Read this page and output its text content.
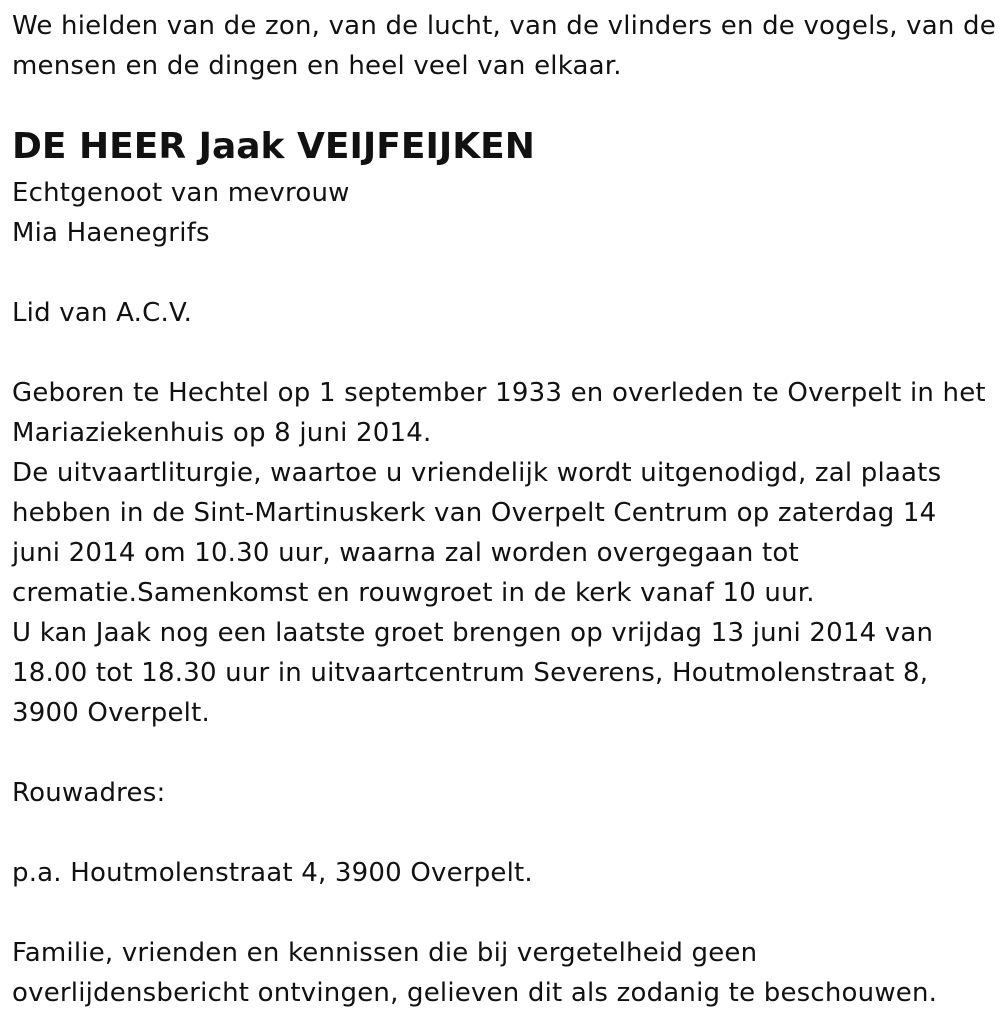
We hielden van de zon, van de lucht, van de vlinders en de vogels, van de
mensen en de dingen en heel veel van elkaar.
DE HEER Jaak VEIJFEIJKEN
Echtgenoot van mevrouw
Mia Haenegrifs
Lid van A.C.V.
Geboren te Hechtel op 1 september 1933 en overleden te Overpelt in het
Mariaziekenhuis op 8 juni 2014.
De uitvaartliturgie, waartoe u vriendelijk wordt uitgenodigd, zal plaats
hebben in de Sint-Martinuskerk van Overpelt Centrum op zaterdag 14
juni 2014 om 10.30 uur, waarna zal worden overgegaan tot
crematie.Samenkomst en rouwgroet in de kerk vanaf 10 uur.
U kan Jaak nog een laatste groet brengen op vrijdag 13 juni 2014 van
18.00 tot 18.30 uur in uitvaartcentrum Severens, Houtmolenstraat 8,
3900 Overpelt.
Rouwadres:
p.a. Houtmolenstraat 4, 3900 Overpelt.
Familie, vrienden en kennissen die bij vergetelheid geen
overlijdensbericht ontvingen, gelieven dit als zodanig te beschouwen.
